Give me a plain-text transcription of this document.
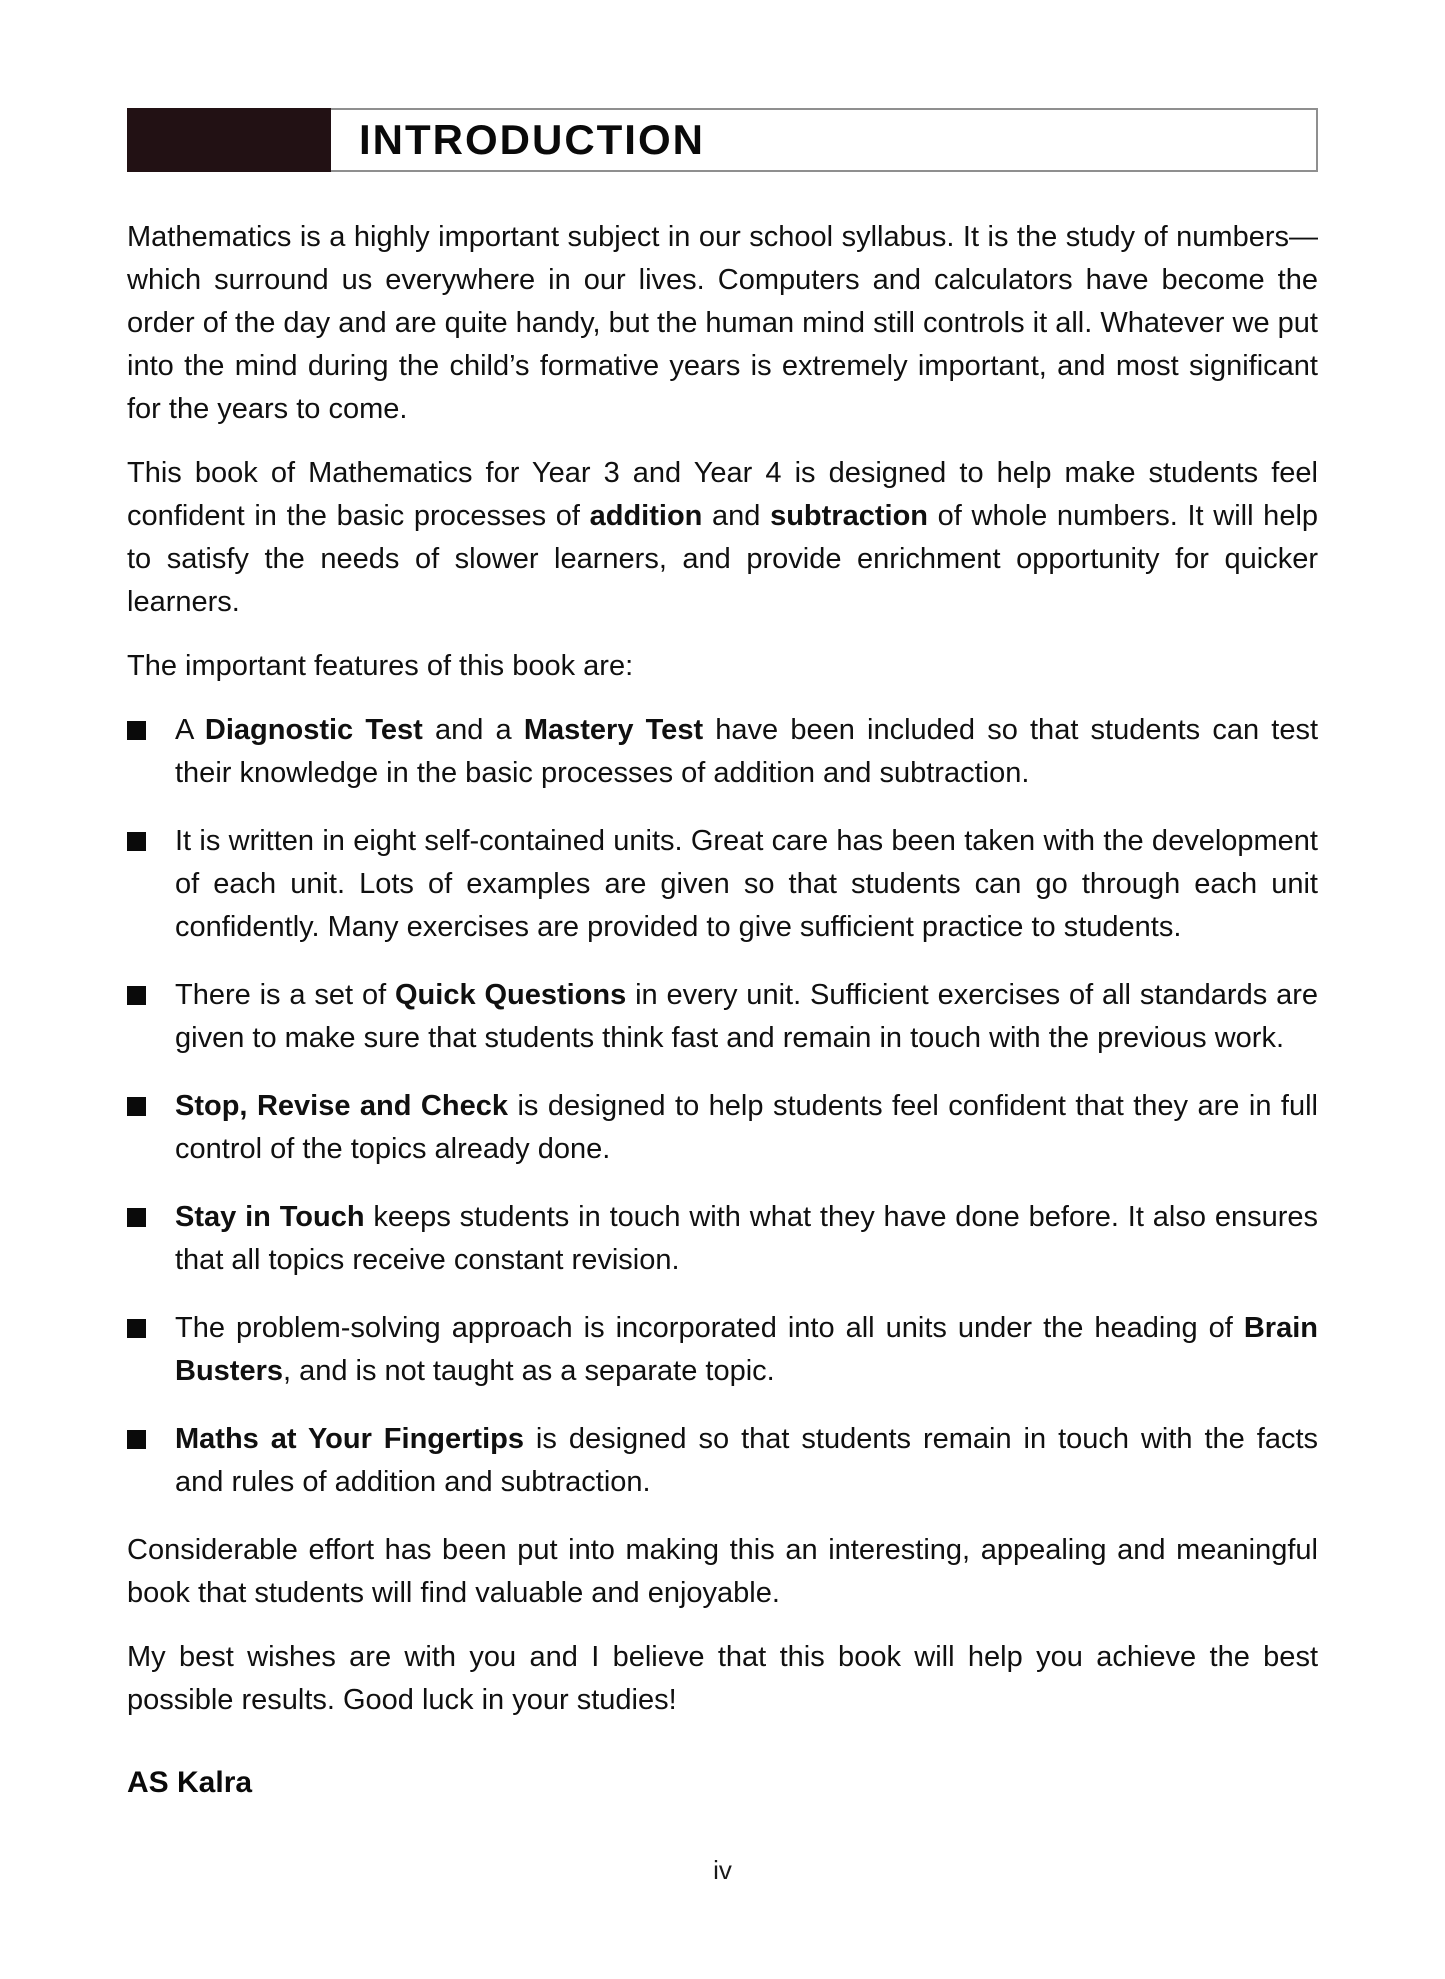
INTRODUCTION

Mathematics is a highly important subject in our school syllabus. It is the study of numbers—which surround us everywhere in our lives. Computers and calculators have become the order of the day and are quite handy, but the human mind still controls it all. Whatever we put into the mind during the child’s formative years is extremely important, and most significant for the years to come.

This book of Mathematics for Year 3 and Year 4 is designed to help make students feel confident in the basic processes of addition and subtraction of whole numbers. It will help to satisfy the needs of slower learners, and provide enrichment opportunity for quicker learners.

The important features of this book are:

A Diagnostic Test and a Mastery Test have been included so that students can test their knowledge in the basic processes of addition and subtraction.
It is written in eight self-contained units. Great care has been taken with the development of each unit. Lots of examples are given so that students can go through each unit confidently. Many exercises are provided to give sufficient practice to students.
There is a set of Quick Questions in every unit. Sufficient exercises of all standards are given to make sure that students think fast and remain in touch with the previous work.
Stop, Revise and Check is designed to help students feel confident that they are in full control of the topics already done.
Stay in Touch keeps students in touch with what they have done before. It also ensures that all topics receive constant revision.
The problem-solving approach is incorporated into all units under the heading of Brain Busters, and is not taught as a separate topic.
Maths at Your Fingertips is designed so that students remain in touch with the facts and rules of addition and subtraction.

Considerable effort has been put into making this an interesting, appealing and meaningful book that students will find valuable and enjoyable.

My best wishes are with you and I believe that this book will help you achieve the best possible results. Good luck in your studies!

AS Kalra

iv
